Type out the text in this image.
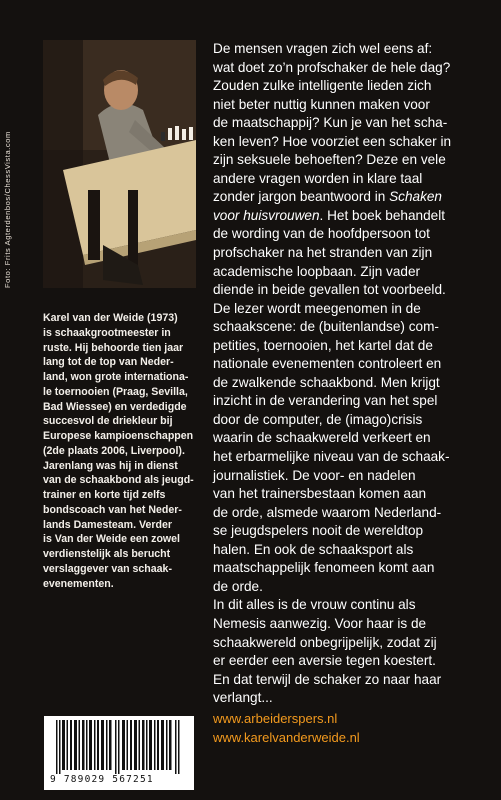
Foto: Frits Agterdenbos/ChessVista.com
Karel van der Weide (1973)
is schaakgrootmeester in
ruste. Hij behoorde tien jaar
lang tot de top van Neder-
land, won grote internationa-
le toernooien (Praag, Sevilla,
Bad Wiessee) en verdedigde
succesvol de driekleur bij
Europese kampioenschappen
(2de plaats 2006, Liverpool).
Jarenlang was hij in dienst
van de schaakbond als jeugd-
trainer en korte tijd zelfs
bondscoach van het Neder-
lands Damesteam. Verder
is Van der Weide een zowel
verdienstelijk als berucht
verslaggever van schaak-
evenementen.

De mensen vragen zich wel eens af:
wat doet zo’n profschaker de hele dag?
Zouden zulke intelligente lieden zich
niet beter nuttig kunnen maken voor
de maatschappij? Kun je van het scha-
ken leven? Hoe voorziet een schaker in
zijn seksuele behoeften? Deze en vele
andere vragen worden in klare taal
zonder jargon beantwoord in Schaken
voor huisvrouwen. Het boek behandelt
de wording van de hoofdpersoon tot
profschaker na het stranden van zijn
academische loopbaan. Zijn vader
diende in beide gevallen tot voorbeeld.

De lezer wordt meegenomen in de
schaakscene: de (buitenlandse) com-
petities, toernooien, het kartel dat de
nationale evenementen controleert en
de zwalkende schaakbond. Men krijgt
inzicht in de verandering van het spel
door de computer, de (imago)crisis
waarin de schaakwereld verkeert en
het erbarmelijke niveau van de schaak-
journalistiek. De voor- en nadelen
van het trainersbestaan komen aan
de orde, alsmede waarom Nederland-
se jeugdspelers nooit de wereldtop
halen. En ook de schaaksport als
maatschappelijk fenomeen komt aan
de orde.

In dit alles is de vrouw continu als
Nemesis aanwezig. Voor haar is de
schaakwereld onbegrijpelijk, zodat zij
er eerder een aversie tegen koestert.
En dat terwijl de schaker zo naar haar
verlangt...

www.arbeiderspers.nl
www.karelvanderweide.nl
9 789029 567251
